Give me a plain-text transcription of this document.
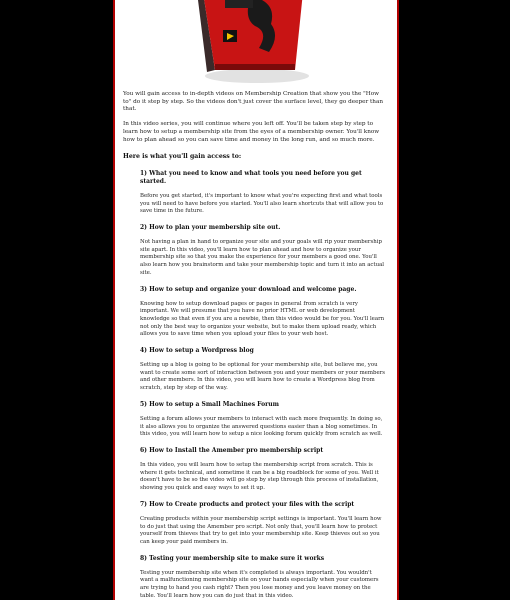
You will gain access to in-depth videos on Membership Creation that show you the "How to" do it step by step. So the videos don't just cover the surface level, they go deeper than that.

In this video series, you will continue where you left off. You'll be taken step by step to learn how to setup a membership site from the eyes of a membership owner. You'll know how to plan ahead so you can save time and money in the long run, and so much more.

Here is what you'll gain access to:
1) What you need to know and what tools you need before you get started.
Before you get started, it's important to know what you're expecting first and what tools you will need to have before you started. You'll also learn shortcuts that will allow you to save time in the future.
2) How to plan your membership site out.
Not having a plan in hand to organize your site and your goals will rip your membership site apart. In this video, you'll learn how to plan ahead and how to organize your membership site so that you make the experience for your members a good one. You'll also learn how you brainstorm and take your membership topic and turn it into an actual site.
3) How to setup and organize your download and welcome page.
Knowing how to setup download pages or pages in general from scratch is very important. We will presume that you have no prior HTML or web development knowledge so that even if you are a newbie, then this video would be for you. You'll learn not only the best way to organize your website, but to make them upload ready, which allows you to save time when you upload your files to your web host.
4) How to setup a Wordpress blog
Setting up a blog is going to be optional for your membership site, but believe me, you want to create some sort of interaction between you and your members or your members and other members. In this video, you will learn how to create a Wordpress blog from scratch, step by step of the way.
5) How to setup a Small Machines Forum
Setting a forum allows your members to interact with each more frequently. In doing so, it also allows you to organize the answered questions easier than a blog sometimes. In this video, you will learn how to setup a nice looking forum quickly from scratch as well.
6) How to Install the Amember pro membership script
In this video, you will learn how to setup the membership script from scratch. This is where it gets technical, and sometime it can be a big roadblock for some of you. Well it doesn't have to be so the video will go step by step through this process of installation, showing you quick and easy ways to set it up.
7) How to Create products and protect your files with the script
Creating products within your membership script settings is important. You'll learn how to do just that using the Amember pro script. Not only that, you'll learn how to protect yourself from thieves that try to get into your membership site. Keep thieves out so you can keep your paid members in.
8) Testing your membership site to make sure it works
Testing your membership site when it's completed is always important. You wouldn't want a malfunctioning membership site on your hands especially when your customers are trying to hand you cash right? Then you lose money and you leave money on the table. You'll learn how you can do just that in this video.
